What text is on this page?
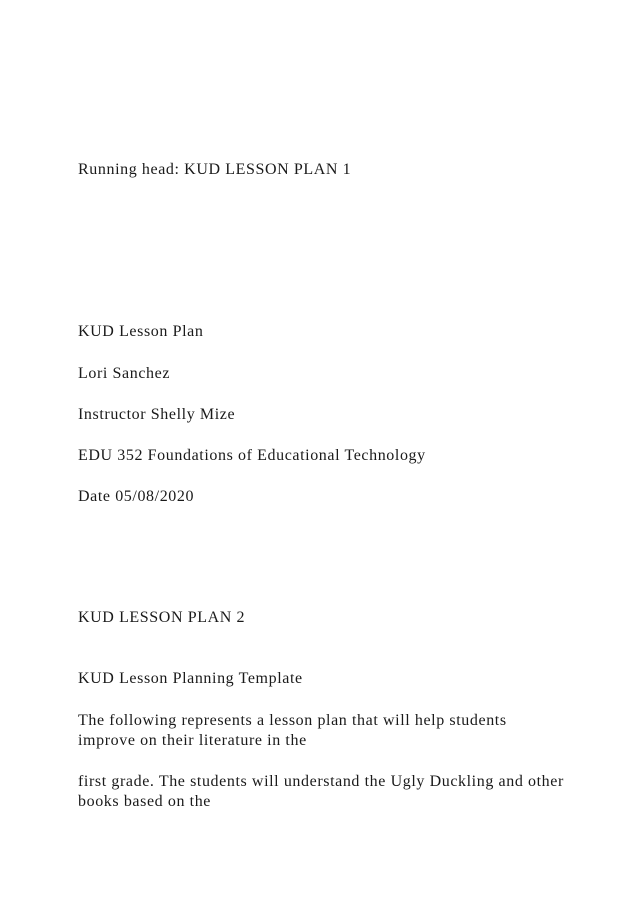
Running head: KUD LESSON PLAN 1

KUD Lesson Plan

Lori Sanchez

Instructor Shelly Mize

EDU 352 Foundations of Educational Technology

Date 05/08/2020

KUD LESSON PLAN 2

KUD Lesson Planning Template

The following represents a lesson plan that will help students improve on their literature in the

first grade. The students will understand the Ugly Duckling and other books based on the
